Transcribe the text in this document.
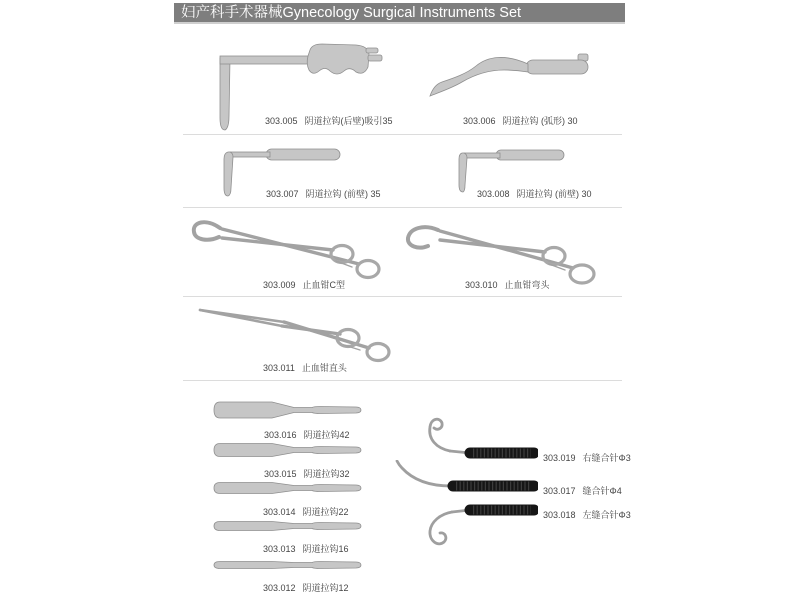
妇产科手术器械Gynecology Surgical Instruments Set
303.005 阴道拉钩(后壁)吸引35	303.006 阴道拉钩 (弧形) 30
303.007 阴道拉钩 (前壁) 35	303.008 阴道拉钩 (前壁) 30
303.009 止血钳C型	303.010 止血钳弯头
303.011 止血钳直头
303.016 阴道拉钩42
303.015 阴道拉钩32
303.014 阴道拉钩22
303.013 阴道拉钩16
303.012 阴道拉钩12
303.019 右缝合针Φ3
303.017 缝合针Φ4
303.018 左缝合针Φ3
